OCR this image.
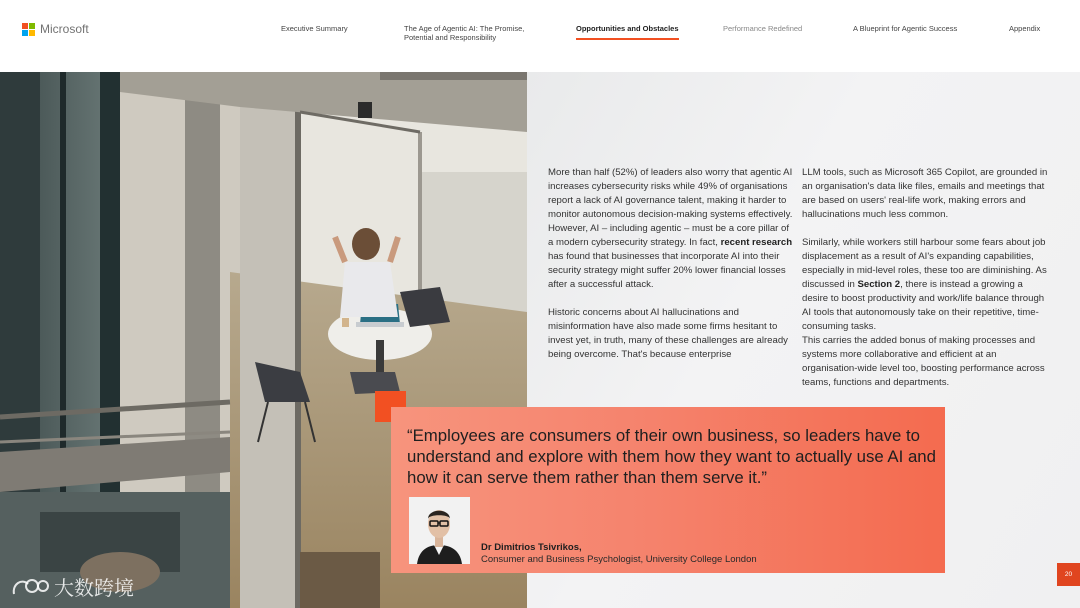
Microsoft	Executive Summary	The Age of Agentic AI: The Promise,
Potential and Responsibility
Opportunities and Obstacles	Performance Redefined	A Blueprint for Agentic Success	Appendix

More than half (52%) of leaders also worry that agentic AI increases cybersecurity risks while 49% of organisations report a lack of AI governance talent, making it harder to monitor autonomous decision-making systems effectively. However, AI – including agentic – must be a core pillar of a modern cybersecurity strategy. In fact, recent research has found that businesses that incorporate AI into their security strategy might suffer 20% lower financial losses after a successful attack.

Historic concerns about AI hallucinations and misinformation have also made some firms hesitant to invest yet, in truth, many of these challenges are already being overcome. That's because enterprise

LLM tools, such as Microsoft 365 Copilot, are grounded in an organisation's data like files, emails and meetings that are based on users' real-life work, making errors and hallucinations much less common.

Similarly, while workers still harbour some fears about job displacement as a result of AI's expanding capabilities, especially in mid-level roles, these too are diminishing. As discussed in Section 2, there is instead a growing a desire to boost productivity and work/life balance through AI tools that autonomously take on their repetitive, time-consuming tasks.

This carries the added bonus of making processes and systems more collaborative and efficient at an organisation-wide level too, boosting performance across teams, functions and departments.

“Employees are consumers of their own business, so leaders have to understand and explore with them how they want to actually use AI and how it can serve them rather than them serve it.”
Dr Dimitrios Tsivrikos,
Consumer and Business Psychologist, University College London
20
大数跨境
